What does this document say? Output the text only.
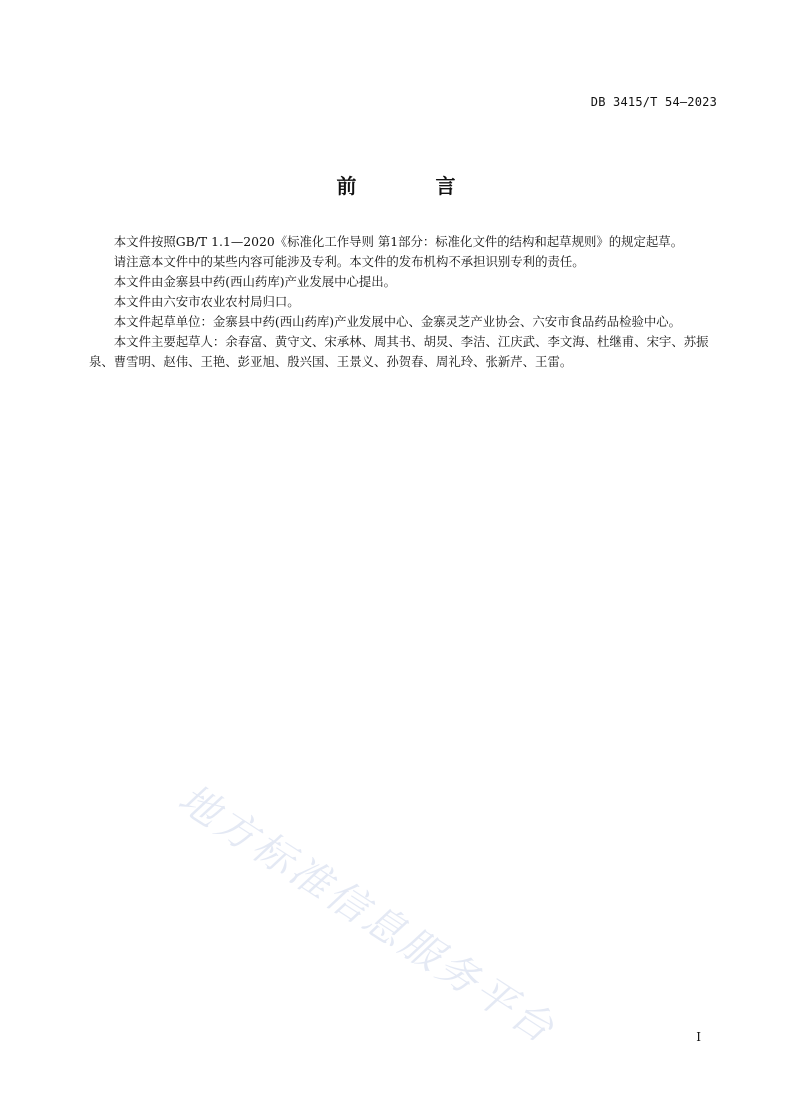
DB 3415/T 54—2023
前 言

本文件按照GB/T 1.1—2020《标准化工作导则 第1部分：标准化文件的结构和起草规则》的规定起草。

请注意本文件中的某些内容可能涉及专利。本文件的发布机构不承担识别专利的责任。

本文件由金寨县中药(西山药库)产业发展中心提出。

本文件由六安市农业农村局归口。

本文件起草单位：金寨县中药(西山药库)产业发展中心、金寨灵芝产业协会、六安市食品药品检验中心。

本文件主要起草人：余春富、黄守文、宋承林、周其书、胡炅、李洁、江庆武、李文海、杜继甫、宋宇、苏振泉、曹雪明、赵伟、王艳、彭亚旭、殷兴国、王景义、孙贺春、周礼玲、张新芹、王雷。

地方标准信息服务平台	I
